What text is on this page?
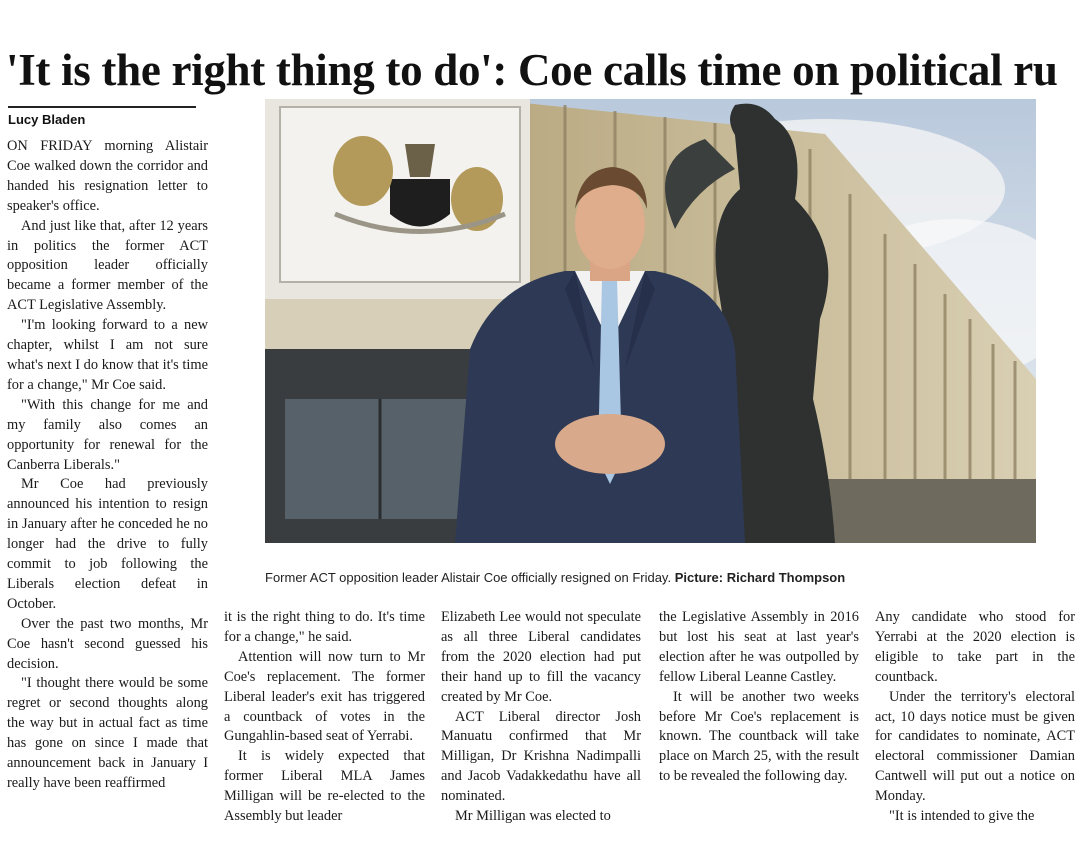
'It is the right thing to do': Coe calls time on political ru
Lucy Bladen

ON FRIDAY morning Alistair Coe walked down the corridor and handed his resignation letter to speaker's office.

And just like that, after 12 years in politics the former ACT opposition leader officially became a former member of the ACT Legislative Assembly.

"I'm looking forward to a new chapter, whilst I am not sure what's next I do know that it's time for a change," Mr Coe said.

"With this change for me and my family also comes an opportunity for renewal for the Canberra Liberals."

Mr Coe had previously announced his intention to resign in January after he conceded he no longer had the drive to fully commit to job following the Liberals election defeat in October.

Over the past two months, Mr Coe hasn't second guessed his decision.

"I thought there would be some regret or second thoughts along the way but in actual fact as time has gone on since I made that announcement back in January I really have been reaffirmed

Former ACT opposition leader Alistair Coe officially resigned on Friday. Picture: Richard Thompson

it is the right thing to do. It's time for a change," he said.

Attention will now turn to Mr Coe's replacement. The former Liberal leader's exit has triggered a countback of votes in the Gungahlin-based seat of Yerrabi.

It is widely expected that former Liberal MLA James Milligan will be re-elected to the Assembly but leader

Elizabeth Lee would not speculate as all three Liberal candidates from the 2020 election had put their hand up to fill the vacancy created by Mr Coe.

ACT Liberal director Josh Manuatu confirmed that Mr Milligan, Dr Krishna Nadimpalli and Jacob Vadakkedathu have all nominated.

Mr Milligan was elected to

the Legislative Assembly in 2016 but lost his seat at last year's election after he was outpolled by fellow Liberal Leanne Castley.

It will be another two weeks before Mr Coe's replacement is known. The countback will take place on March 25, with the result to be revealed the following day.

Any candidate who stood for Yerrabi at the 2020 election is eligible to take part in the countback.

Under the territory's electoral act, 10 days notice must be given for candidates to nominate, ACT electoral commissioner Damian Cantwell will put out a notice on Monday.

"It is intended to give the
